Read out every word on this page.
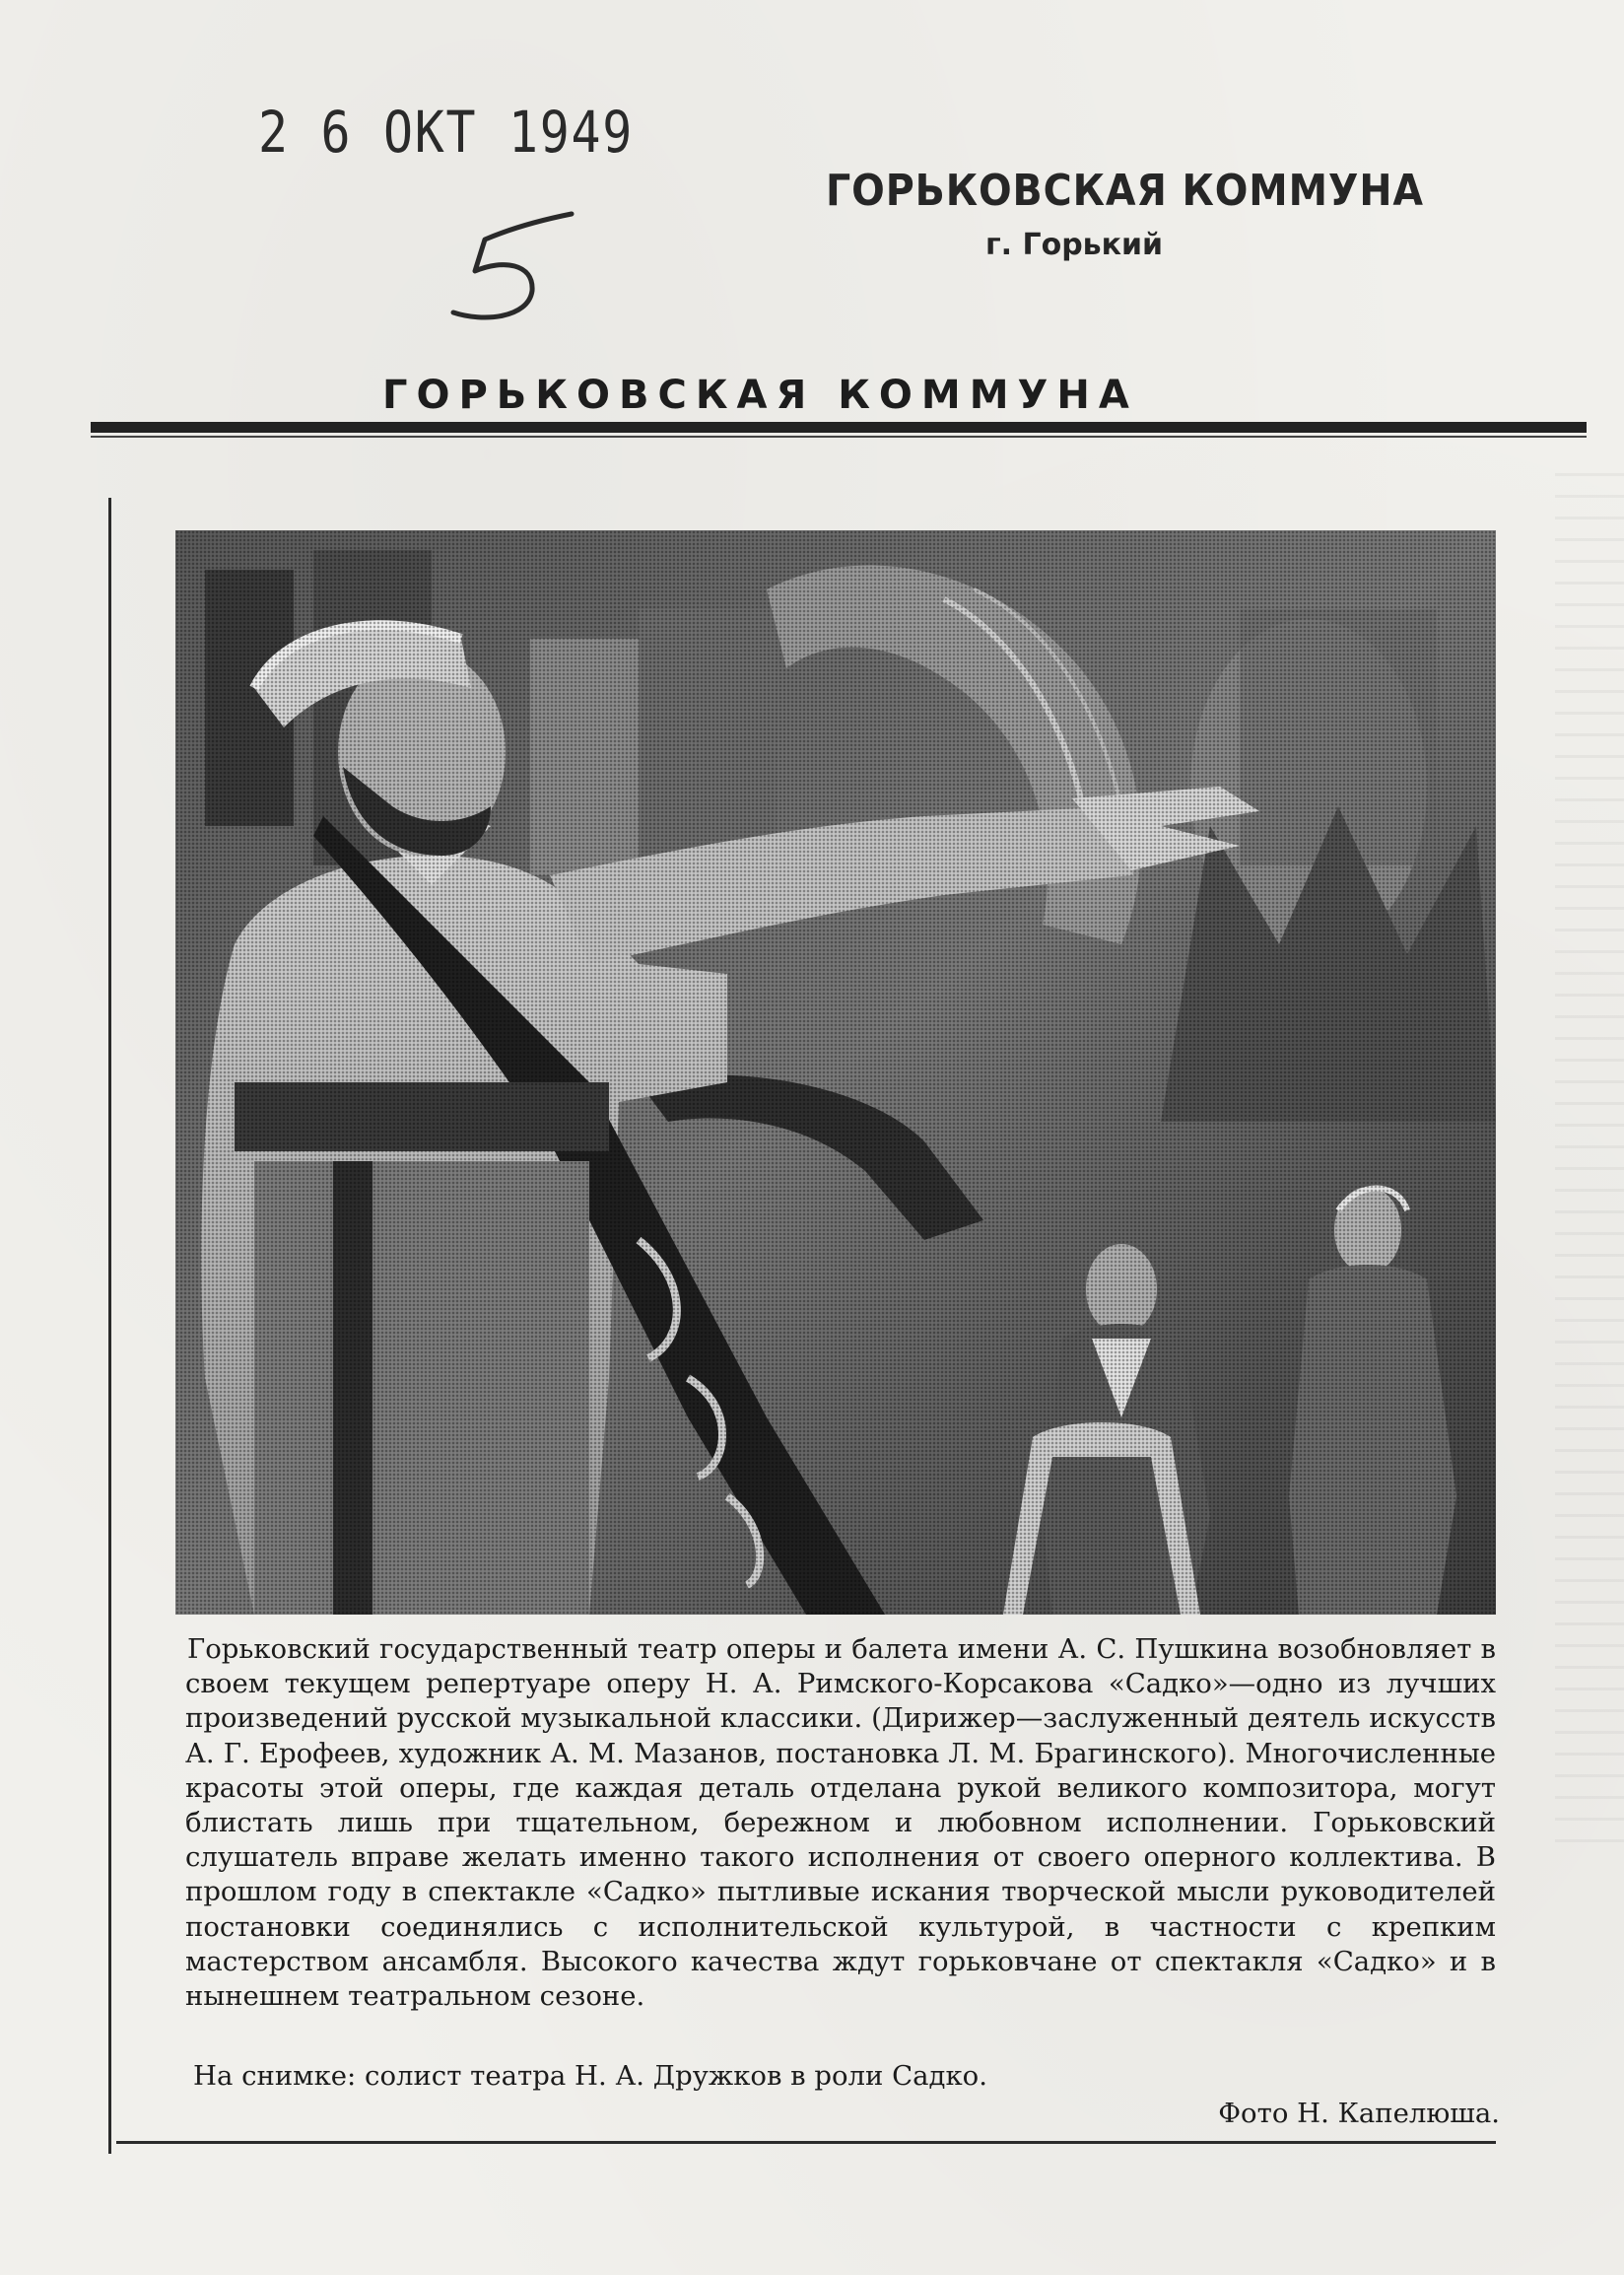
2 6 ОКТ 1949
ГОРЬКОВСКАЯ КОММУНА
г. Горький
ГОРЬКОВСКАЯ КОММУНА

Горьковский государственный театр оперы и балета имени А. С. Пушкина возобновляет в своем текущем репертуаре оперу Н. А. Римского-Корсакова «Садко»—одно из лучших произведений русской музыкальной классики. (Дирижер—заслуженный деятель искусств А. Г. Ерофеев, художник А. М. Мазанов, постановка Л. М. Брагинского). Многочисленные красоты этой оперы, где каждая деталь отделана рукой великого композитора, могут блистать лишь при тщательном, бережном и любовном исполнении. Горьковский слушатель вправе желать именно такого исполнения от своего оперного коллектива. В прошлом году в спектакле «Садко» пытливые искания творческой мысли руководителей постановки соединялись с исполнительской культурой, в частности с крепким мастерством ансамбля. Высокого качества ждут горьковчане от спектакля «Садко» и в нынешнем театральном сезоне.

На снимке: солист театра Н. А. Дружков в роли Садко.
Фото Н. Капелюша.
